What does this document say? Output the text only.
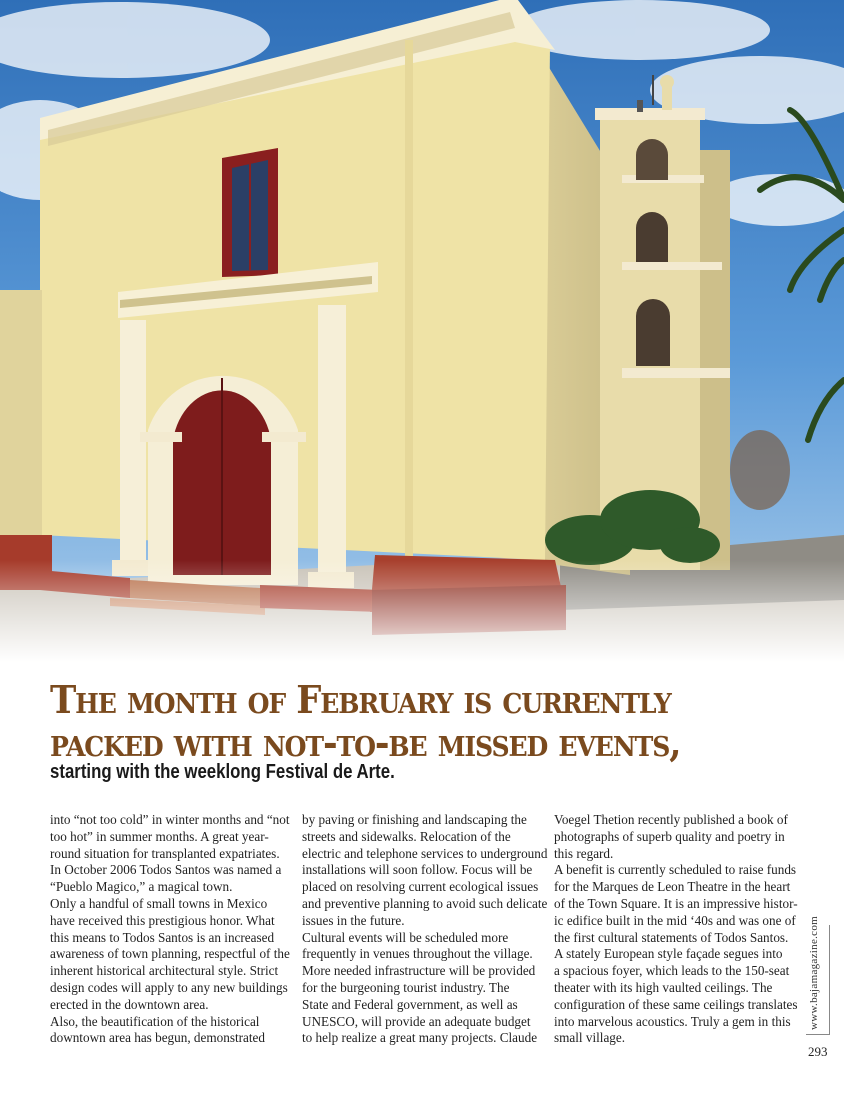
The month of February is currently
packed with not-to-be missed events,

starting with the weeklong Festival de Arte.

into “not too cold” in winter months and “not
too hot” in summer months. A great year-
round situation for transplanted expatriates.
In October 2006 Todos Santos was named a
“Pueblo Magico,” a magical town.
Only a handful of small towns in Mexico
have received this prestigious honor. What
this means to Todos Santos is an increased
awareness of town planning, respectful of the
inherent historical architectural style. Strict
design codes will apply to any new buildings
erected in the downtown area.
Also, the beautification of the historical
downtown area has begun, demonstrated
by paving or finishing and landscaping the
streets and sidewalks. Relocation of the
electric and telephone services to underground
installations will soon follow. Focus will be
placed on resolving current ecological issues
and preventive planning to avoid such delicate
issues in the future.
Cultural events will be scheduled more
frequently in venues throughout the village.
More needed infrastructure will be provided
for the burgeoning tourist industry. The
State and Federal government, as well as
UNESCO, will provide an adequate budget
to help realize a great many projects. Claude
Voegel Thetion recently published a book of
photographs of superb quality and poetry in
this regard.
A benefit is currently scheduled to raise funds
for the Marques de Leon Theatre in the heart
of the Town Square. It is an impressive histor-
ic edifice built in the mid ‘40s and was one of
the first cultural statements of Todos Santos.
A stately European style façade segues into
a spacious foyer, which leads to the 150-seat
theater with its high vaulted ceilings. The
configuration of these same ceilings translates
into marvelous acoustics. Truly a gem in this
small village.
www.bajamagazine.com
293
